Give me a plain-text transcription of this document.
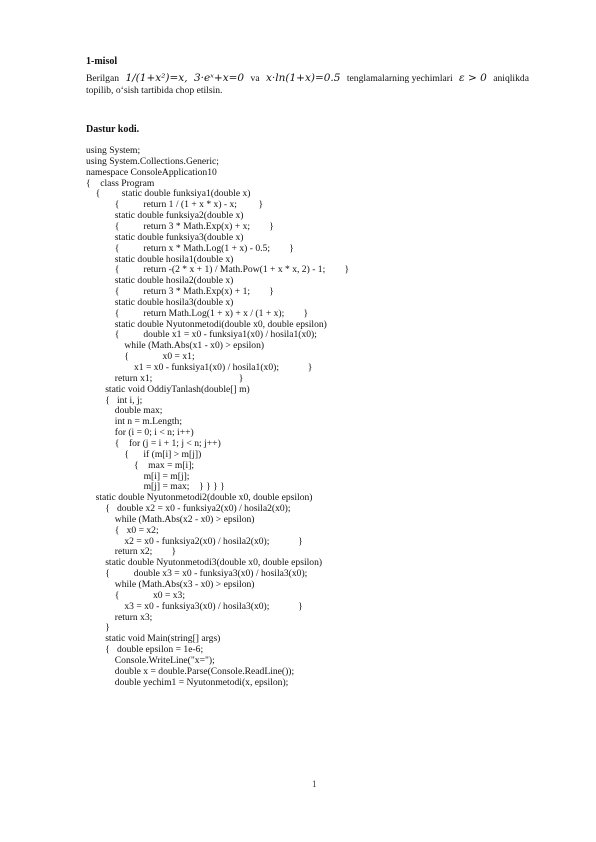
1-misol
Berilgan 1/(1+x²)=x, 3·eˣ+x=0 va x·ln(1+x)=0.5 tenglamalarning yechimlari ε > 0 aniqlikda
topilib, o‘sish tartibida chop etilsin.
Dastur kodi.
using System;
using System.Collections.Generic;
namespace ConsoleApplication10
{    class Program
{         static double funksiya1(double x)
{          return 1 / (1 + x * x) - x;         }
static double funksiya2(double x)
{          return 3 * Math.Exp(x) + x;        }
static double funksiya3(double x)
{          return x * Math.Log(1 + x) - 0.5;        }
static double hosila1(double x)
{          return -(2 * x + 1) / Math.Pow(1 + x * x, 2) - 1;        }
static double hosila2(double x)
{          return 3 * Math.Exp(x) + 1;        }
static double hosila3(double x)
{          return Math.Log(1 + x) + x / (1 + x);        }
static double Nyutonmetodi(double x0, double epsilon)
{          double x1 = x0 - funksiya1(x0) / hosila1(x0);
while (Math.Abs(x1 - x0) > epsilon)
{              x0 = x1;
x1 = x0 - funksiya1(x0) / hosila1(x0);            }
return x1;                                    }
static void OddiyTanlash(double[] m)
{   int i, j;
double max;
int n = m.Length;
for (i = 0; i < n; i++)
{    for (j = i + 1; j < n; j++)
{      if (m[i] > m[j])
{    max = m[i];
m[i] = m[j];
m[j] = max;    } } } }
static double Nyutonmetodi2(double x0, double epsilon)
{   double x2 = x0 - funksiya2(x0) / hosila2(x0);
while (Math.Abs(x2 - x0) > epsilon)
{   x0 = x2;
x2 = x0 - funksiya2(x0) / hosila2(x0);            }
return x2;        }
static double Nyutonmetodi3(double x0, double epsilon)
{          double x3 = x0 - funksiya3(x0) / hosila3(x0);
while (Math.Abs(x3 - x0) > epsilon)
{              x0 = x3;
x3 = x0 - funksiya3(x0) / hosila3(x0);            }
return x3;
}
static void Main(string[] args)
{   double epsilon = 1e-6;
Console.WriteLine("x=");
double x = double.Parse(Console.ReadLine());
double yechim1 = Nyutonmetodi(x, epsilon);
1
